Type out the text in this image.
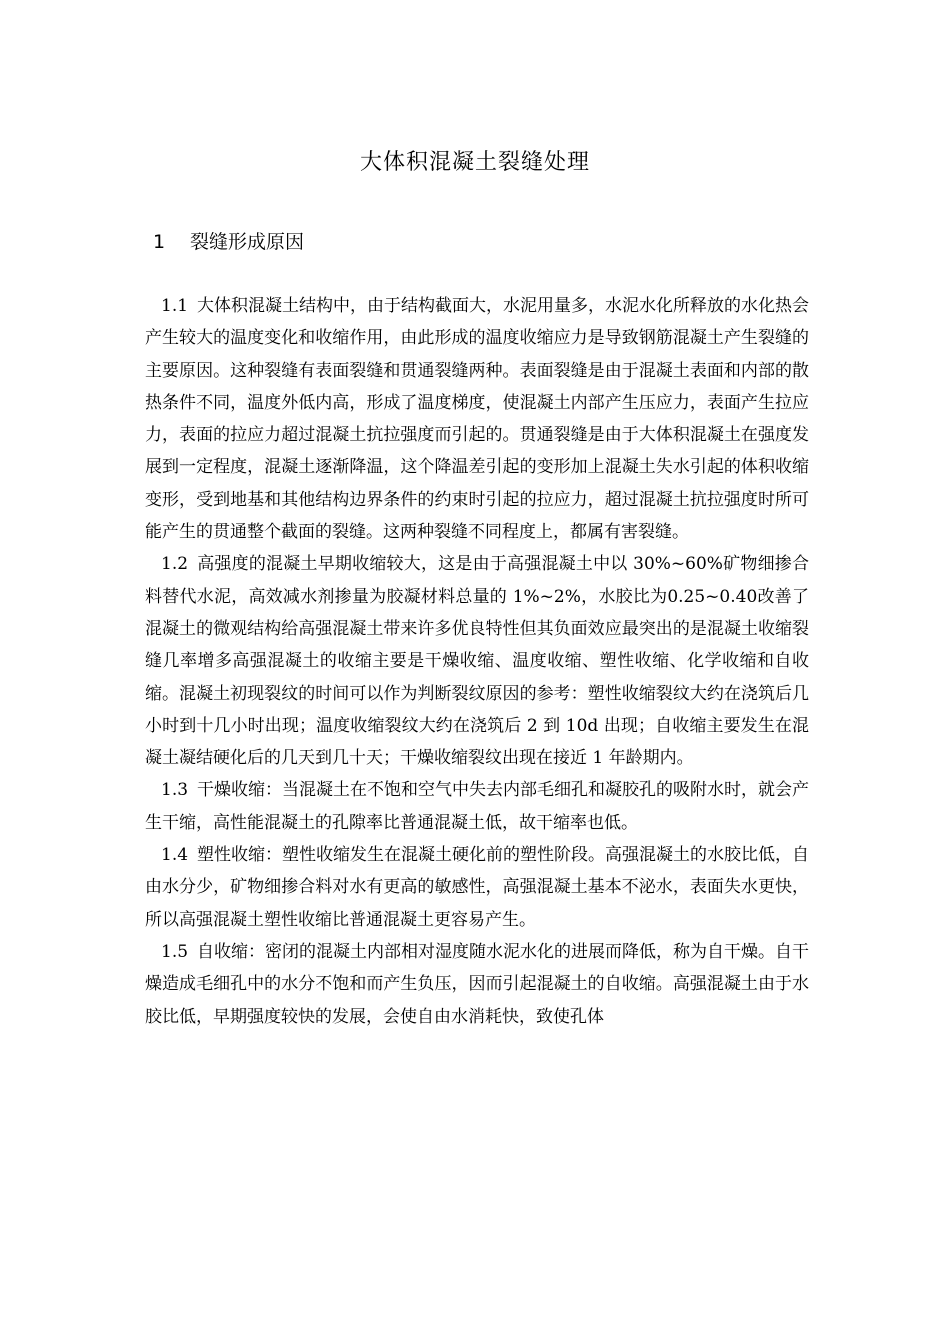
大体积混凝土裂缝处理
1 裂缝形成原因

1.1 大体积混凝土结构中，由于结构截面大，水泥用量多，水泥水化所释放的水化热会产生较大的温度变化和收缩作用，由此形成的温度收缩应力是导致钢筋混凝土产生裂缝的主要原因。这种裂缝有表面裂缝和贯通裂缝两种。表面裂缝是由于混凝土表面和内部的散热条件不同，温度外低内高，形成了温度梯度，使混凝土内部产生压应力，表面产生拉应力，表面的拉应力超过混凝土抗拉强度而引起的。贯通裂缝是由于大体积混凝土在强度发展到一定程度，混凝土逐渐降温，这个降温差引起的变形加上混凝土失水引起的体积收缩变形，受到地基和其他结构边界条件的约束时引起的拉应力，超过混凝土抗拉强度时所可能产生的贯通整个截面的裂缝。这两种裂缝不同程度上，都属有害裂缝。

1.2 高强度的混凝土早期收缩较大，这是由于高强混凝土中以 30%~60%矿物细掺合料替代水泥，高效减水剂掺量为胶凝材料总量的 1%~2%，水胶比为0.25~0.40改善了混凝土的微观结构给高强混凝土带来许多优良特性但其负面效应最突出的是混凝土收缩裂缝几率增多高强混凝土的收缩主要是干燥收缩、温度收缩、塑性收缩、化学收缩和自收缩。混凝土初现裂纹的时间可以作为判断裂纹原因的参考：塑性收缩裂纹大约在浇筑后几小时到十几小时出现；温度收缩裂纹大约在浇筑后 2 到 10d 出现；自收缩主要发生在混凝土凝结硬化后的几天到几十天；干燥收缩裂纹出现在接近 1 年龄期内。

1.3 干燥收缩：当混凝土在不饱和空气中失去内部毛细孔和凝胶孔的吸附水时，就会产生干缩，高性能混凝土的孔隙率比普通混凝土低，故干缩率也低。

1.4 塑性收缩：塑性收缩发生在混凝土硬化前的塑性阶段。高强混凝土的水胶比低，自由水分少，矿物细掺合料对水有更高的敏感性，高强混凝土基本不泌水，表面失水更快，所以高强混凝土塑性收缩比普通混凝土更容易产生。

1.5 自收缩：密闭的混凝土内部相对湿度随水泥水化的进展而降低，称为自干燥。自干燥造成毛细孔中的水分不饱和而产生负压，因而引起混凝土的自收缩。高强混凝土由于水胶比低，早期强度较快的发展，会使自由水消耗快，致使孔体
